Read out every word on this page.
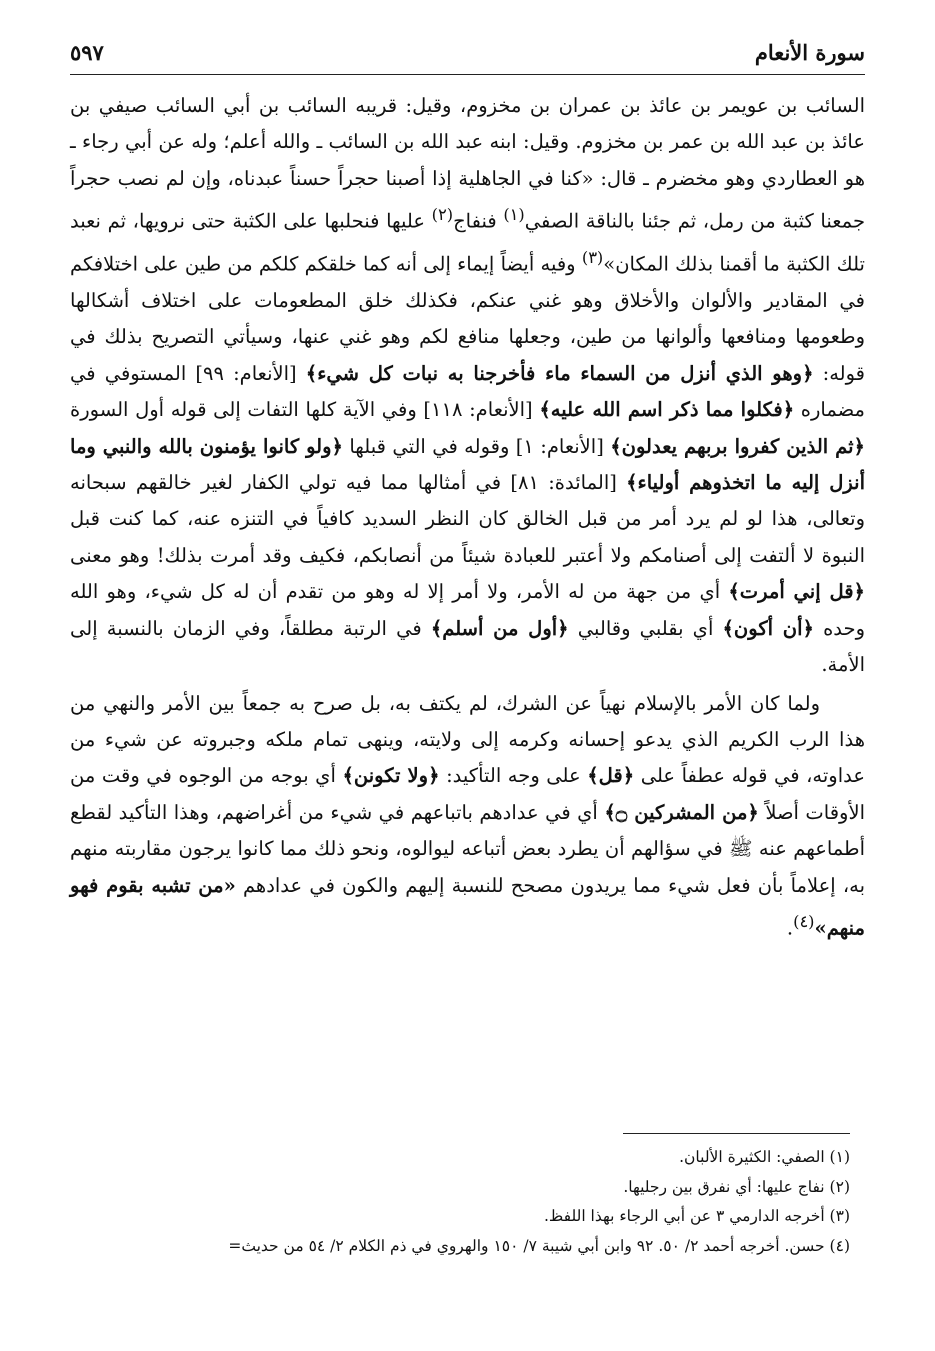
سورة الأنعام
٥٩٧

السائب بن عويمر بن عائذ بن عمران بن مخزوم، وقيل: قريبه السائب بن أبي السائب صيفي بن عائذ بن عبد الله بن عمر بن مخزوم. وقيل: ابنه عبد الله بن السائب ـ والله أعلم؛ وله عن أبي رجاء ـ هو العطاردي وهو مخضرم ـ قال: «كنا في الجاهلية إذا أصبنا حجراً حسناً عبدناه، وإن لم نصب حجراً جمعنا كثبة من رمل، ثم جئنا بالناقة الصفي$^{(١)}$ فنفاج$^{(٢)}$ عليها فنحلبها على الكثبة حتى نرويها، ثم نعبد تلك الكثبة ما أقمنا بذلك المكان»$^{(٣)}$ وفيه أيضاً إيماء إلى أنه كما خلقكم كلكم من طين على اختلافكم في المقادير والألوان والأخلاق وهو غني عنكم، فكذلك خلق المطعومات على اختلاف أشكالها وطعومها ومنافعها وألوانها من طين، وجعلها منافع لكم وهو غني عنها، وسيأتي التصريح بذلك في قوله: ﴿وهو الذي أنزل من السماء ماء فأخرجنا به نبات كل شيء﴾ [الأنعام: ٩٩] المستوفي في مضماره ﴿فكلوا مما ذكر اسم الله عليه﴾ [الأنعام: ١١٨] وفي الآية كلها التفات إلى قوله أول السورة ﴿ثم الذين كفروا بربهم يعدلون﴾ [الأنعام: ١] وقوله في التي قبلها ﴿ولو كانوا يؤمنون بالله والنبي وما أنزل إليه ما اتخذوهم أولياء﴾ [المائدة: ٨١] في أمثالها مما فيه تولي الكفار لغير خالقهم سبحانه وتعالى، هذا لو لم يرد أمر من قبل الخالق كان النظر السديد كافياً في التنزه عنه، كما كنت قبل النبوة لا ألتفت إلى أصنامكم ولا أعتبر للعبادة شيئاً من أنصابكم، فكيف وقد أمرت بذلك! وهو معنى ﴿قل إني أمرت﴾ أي من جهة من له الأمر، ولا أمر إلا له وهو من تقدم أن له كل شيء، وهو الله وحده ﴿أن أكون﴾ أي بقلبي وقالبي ﴿أول من أسلم﴾ في الرتبة مطلقاً، وفي الزمان بالنسبة إلى الأمة.

ولما كان الأمر بالإسلام نهياً عن الشرك، لم يكتف به، بل صرح به جمعاً بين الأمر والنهي من هذا الرب الكريم الذي يدعو إحسانه وكرمه إلى ولايته، وينهى تمام ملكه وجبروته عن شيء من عداوته، في قوله عطفاً على ﴿قل﴾ على وجه التأكيد: ﴿ولا تكونن﴾ أي بوجه من الوجوه في وقت من الأوقات أصلاً ﴿من المشركين ۝﴾ أي في عدادهم باتباعهم في شيء من أغراضهم، وهذا التأكيد لقطع أطماعهم عنه ﷺ في سؤالهم أن يطرد بعض أتباعه ليوالوه، ونحو ذلك مما كانوا يرجون مقاربته منهم به، إعلاماً بأن فعل شيء مما يريدون مصحح للنسبة إليهم والكون في عدادهم «من تشبه بقوم فهو منهم»$^{(٤)}$.

(١) الصفي: الكثيرة الألبان.
(٢) نفاج عليها: أي نفرق بين رجليها.
(٣) أخرجه الدارمي ٣ عن أبي الرجاء بهذا اللفظ.
(٤) حسن. أخرجه أحمد ٢/ ٥٠. ٩٢ وابن أبي شيبة ٧/ ١٥٠ والهروي في ذم الكلام ٢/ ٥٤ من حديث=
